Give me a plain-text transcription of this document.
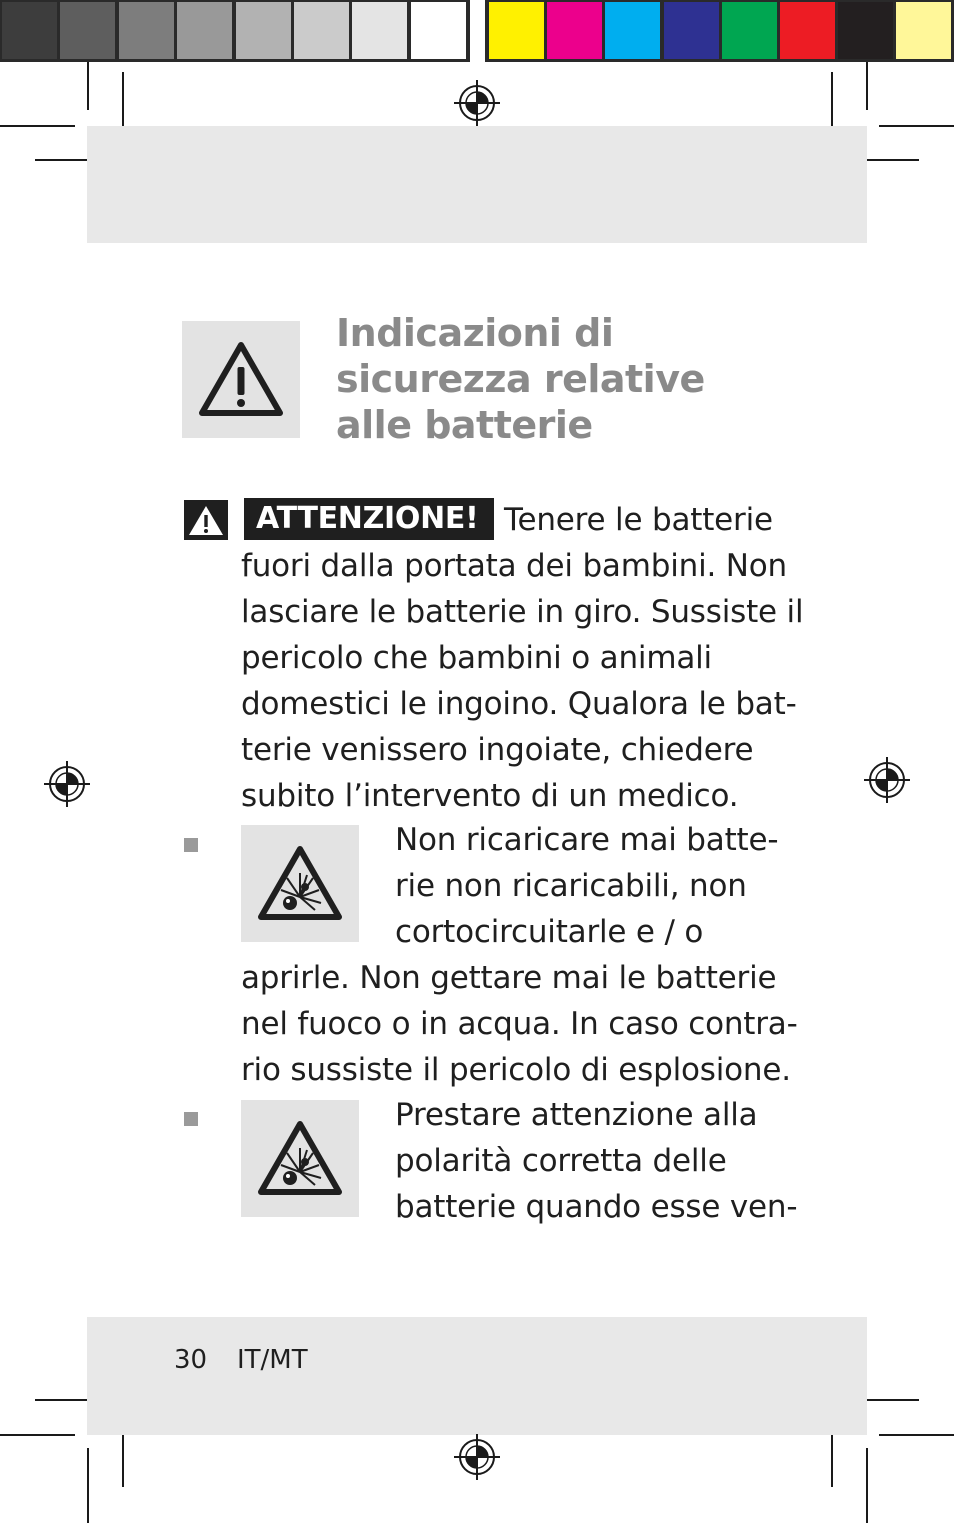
Indicazioni di
sicurezza relative
alle batterie
ATTENZIONE! Tenere le batterie
fuori dalla portata dei bambini. Non
lasciare le batterie in giro. Sussiste il
pericolo che bambini o animali
domestici le ingoino. Qualora le bat-
terie venissero ingoiate, chiedere
subito l’intervento di un medico.
Non ricaricare mai batte-
rie non ricaricabili, non
cortocircuitarle e / o
aprirle. Non gettare mai le batterie
nel fuoco o in acqua. In caso contra-
rio sussiste il pericolo di esplosione.
Prestare attenzione alla
polarità corretta delle
batterie quando esse ven-
30 IT/MT
